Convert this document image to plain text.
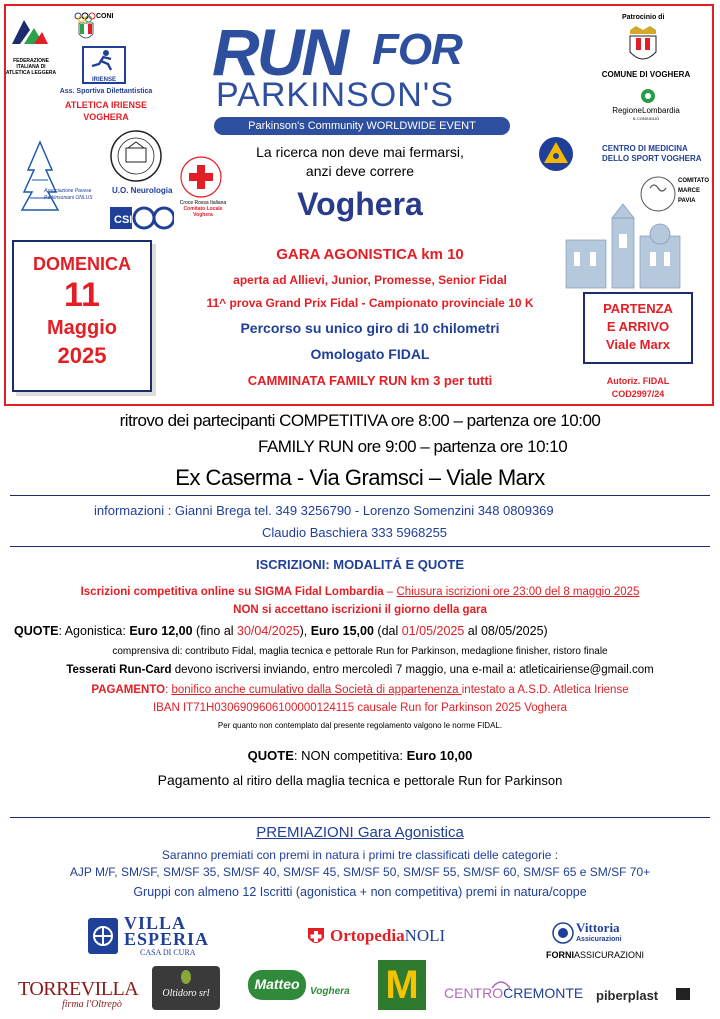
FEDERAZIONE ITALIANA DI ATLETICA LEGGERA
CONI
IRIENSE
Ass. Sportiva Dilettantistica
ATLETICA IRIENSE
VOGHERA
RUN FOR
PARKINSON'S
Parkinson's Community WORLDWIDE EVENT
La ricerca non deve mai fermarsi,
anzi deve correre
Voghera
Patrocinio di
COMUNE DI VOGHERA
RegioneLombardia
IL CONSIGLIO
CENTRO DI MEDICINA
DELLO SPORT VOGHERA
Associazione Pavese
Parkinsoniani ONLUS
U.O. Neurologia
CSI
Croce Rossa Italiana
Comitato Locale
Voghera
COMITATO
MARCE
PAVIA
DOMENICA
11
Maggio
2025
GARA AGONISTICA km 10
aperta ad Allievi, Junior, Promesse, Senior Fidal
11^ prova Grand Prix Fidal - Campionato provinciale 10 K
Percorso su unico giro di 10 chilometri
Omologato FIDAL
CAMMINATA FAMILY RUN km 3 per tutti
PARTENZA
E ARRIVO
Viale Marx
Autoriz. FIDAL
COD2997/24
ritrovo dei partecipanti COMPETITIVA ore 8:00 – partenza ore 10:00
FAMILY RUN ore 9:00 – partenza ore 10:10
Ex Caserma - Via Gramsci – Viale Marx
informazioni : Gianni Brega tel. 349 3256790 - Lorenzo Somenzini 348 0809369
Claudio Baschiera 333 5968255
ISCRIZIONI: MODALITÁ E QUOTE
Iscrizioni competitiva online su SIGMA Fidal Lombardia – Chiusura iscrizioni ore 23:00 del 8 maggio 2025
NON si accettano iscrizioni il giorno della gara
QUOTE: Agonistica: Euro 12,00 (fino al 30/04/2025), Euro 15,00 (dal 01/05/2025 al 08/05/2025)
comprensiva di: contributo Fidal, maglia tecnica e pettorale Run for Parkinson, medaglione finisher, ristoro finale
Tesserati Run-Card devono iscriversi inviando, entro mercoledì 7 maggio, una e-mail a: atleticairiense@gmail.com
PAGAMENTO: bonifico anche cumulativo dalla Società di appartenenza intestato a A.S.D. Atletica Iriense
IBAN IT71H0306909606100000124115 causale Run for Parkinson 2025 Voghera
Per quanto non contemplato dal presente regolamento valgono le norme FIDAL.
QUOTE: NON competitiva: Euro 10,00
Pagamento al ritiro della maglia tecnica e pettorale Run for Parkinson
PREMIAZIONI Gara Agonistica
Saranno premiati con premi in natura i primi tre classificati delle categorie :
AJP M/F, SM/SF, SM/SF 35, SM/SF 40, SM/SF 45, SM/SF 50, SM/SF 55, SM/SF 60, SM/SF 65 e SM/SF 70+
Gruppi con almeno 12 Iscritti (agonistica + non competitiva) premi in natura/coppe
VILLA
ESPERIA
CASA DI CURA
OrtopediaNOLI	Vittoria
Assicurazioni
FORNIASSICURAZIONI
TORREVILLA
firma l'Oltrepò
Oltidoro srl
Matteo	Voghera M	CENTROCREMONTE piberplast
